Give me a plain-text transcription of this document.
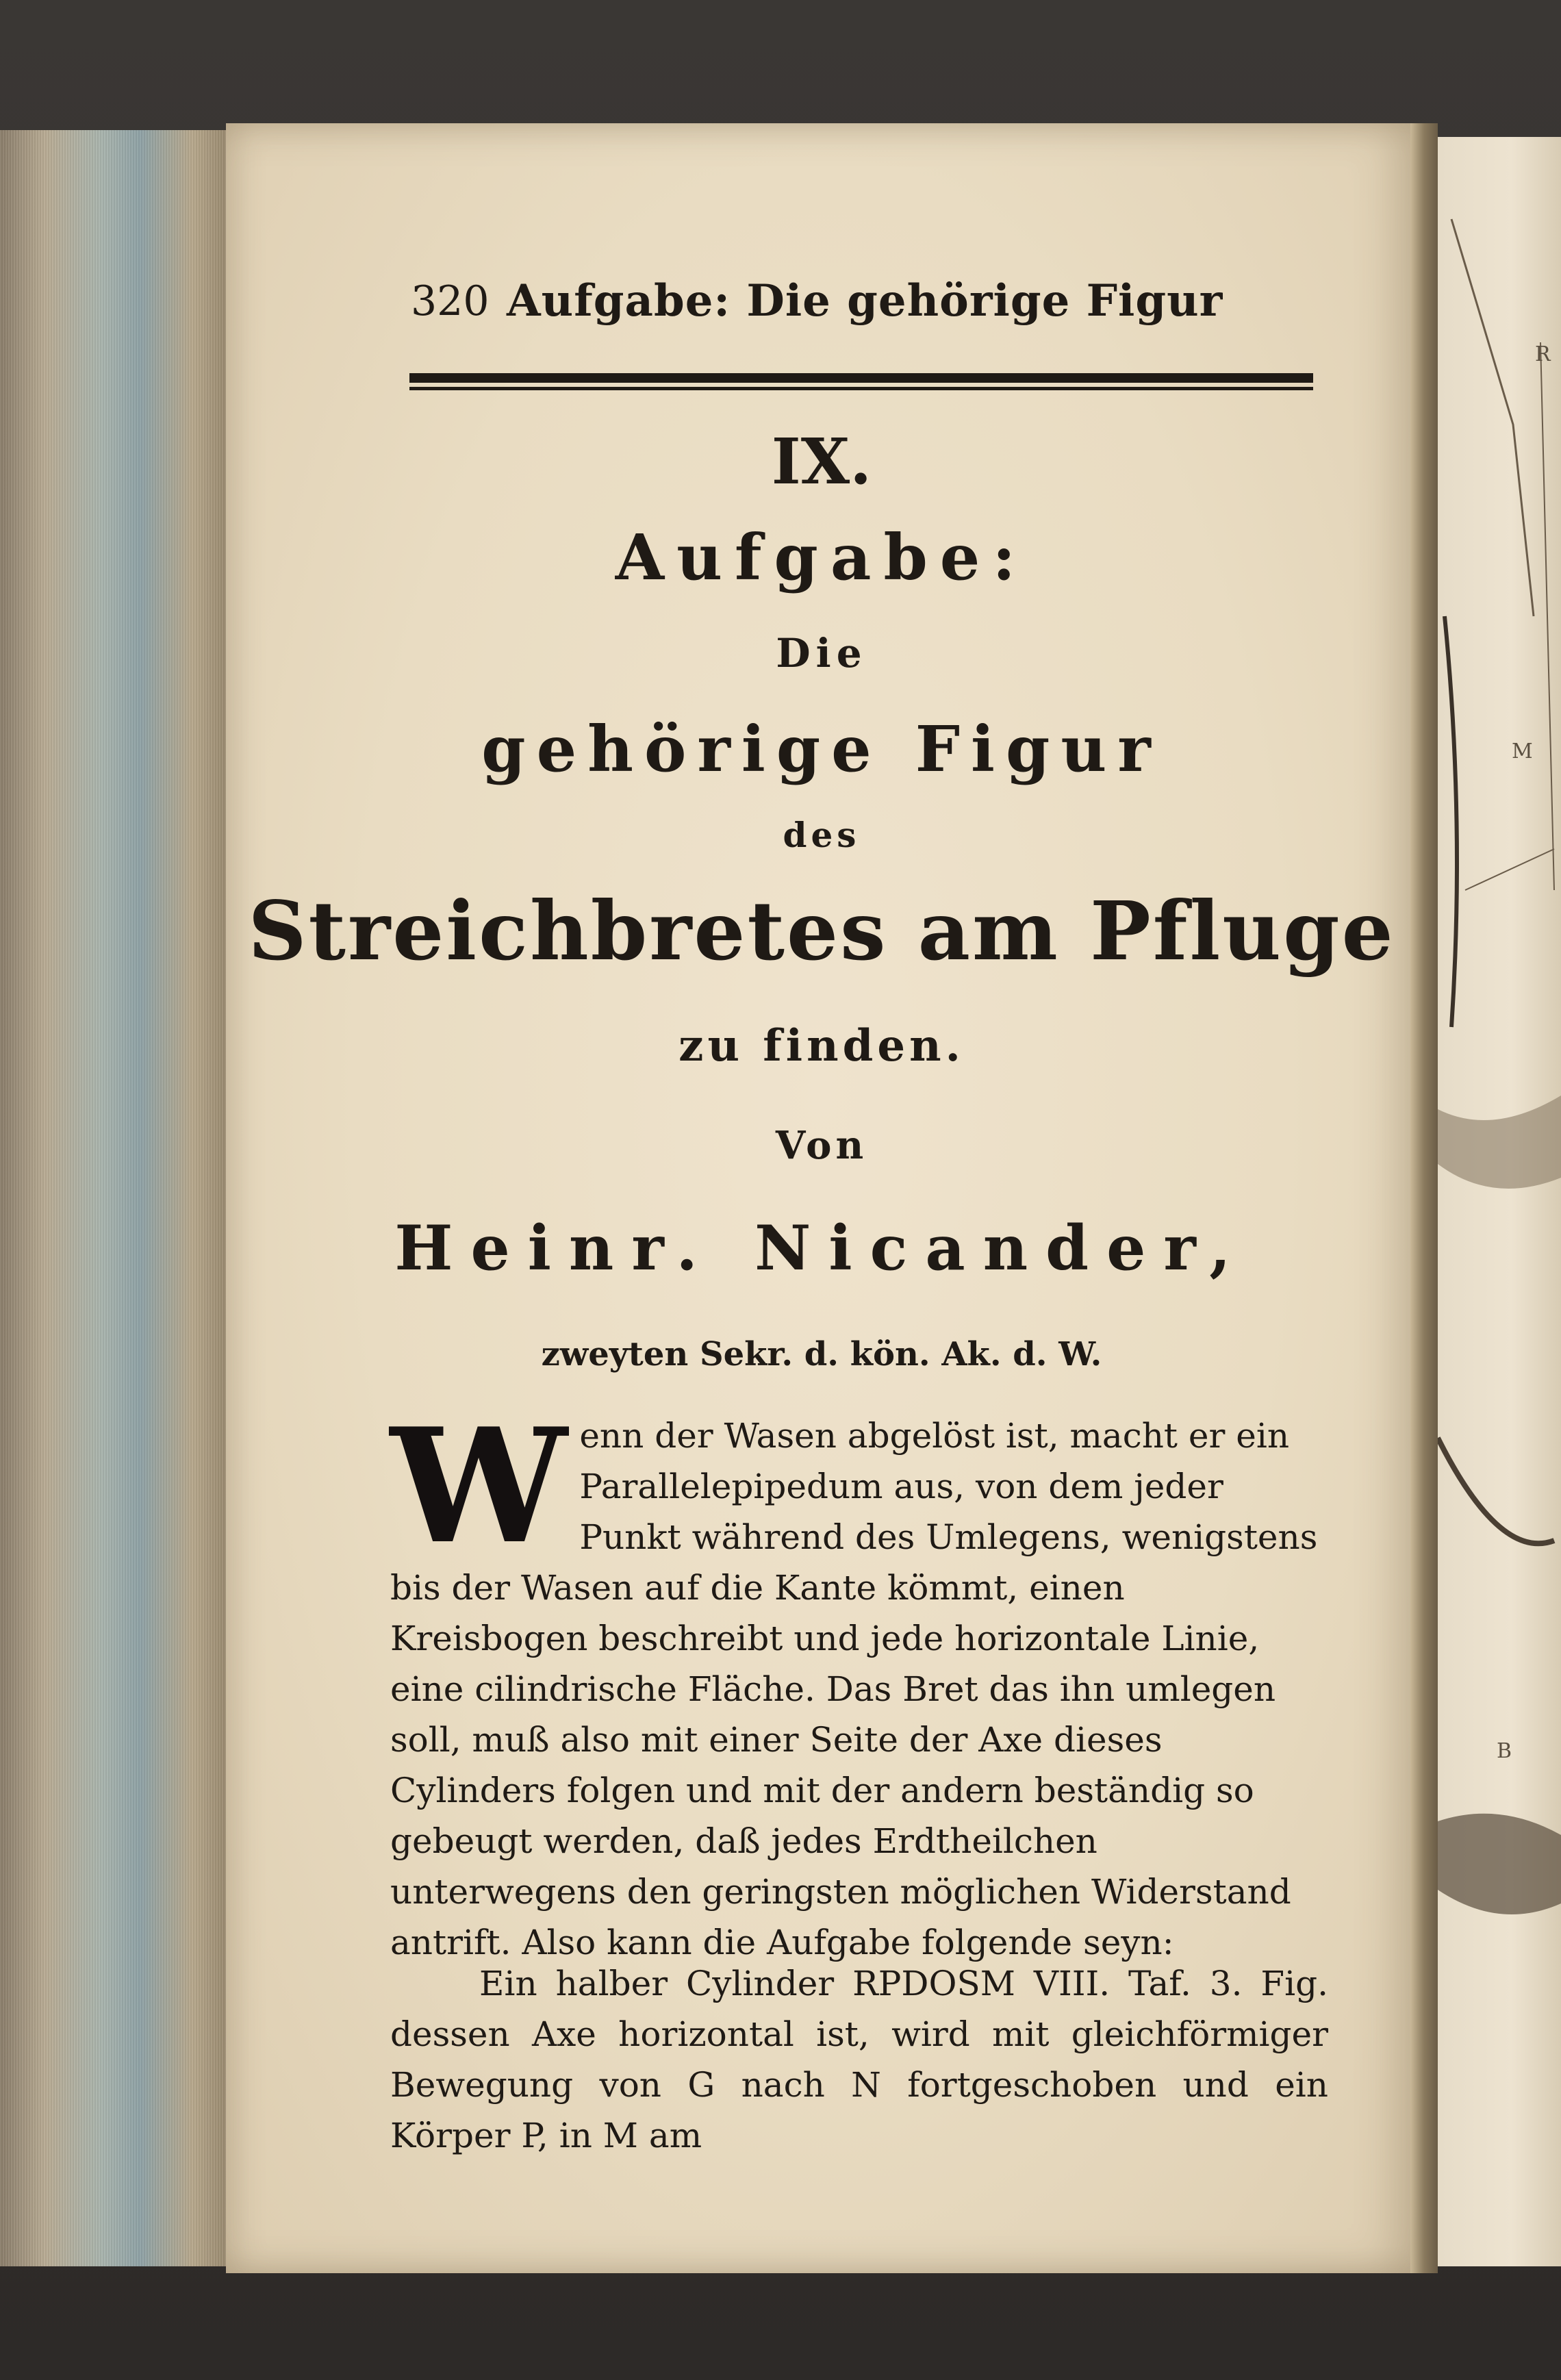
320 Aufgabe: Die gehörige Figur
IX.
Aufgabe:
Die
gehörige Figur
des
Streichbretes am Pfluge
zu finden.
Von
Heinr. Nicander,
zweyten Sekr. d. kön. Ak. d. W.
W enn der Wasen abgelöst ist, macht er ein Parallelepipedum aus, von dem jeder Punkt während des Umlegens, wenigstens bis der Wasen auf die Kante kömmt, einen Kreisbogen beschreibt und jede horizontale Linie, eine cilindrische Fläche. Das Bret das ihn umlegen soll, muß also mit einer Seite der Axe dieses Cylinders folgen und mit der andern beständig so gebeugt werden, daß jedes Erdtheilchen unterwegens den geringsten möglichen Widerstand antrift. Also kann die Aufgabe folgende seyn:
Ein halber Cylinder RPDOSM VIII. Taf. 3. Fig. dessen Axe horizontal ist, wird mit gleichförmiger Bewegung von G nach N fortgeschoben und ein Körper P, in M am
R
M
B
